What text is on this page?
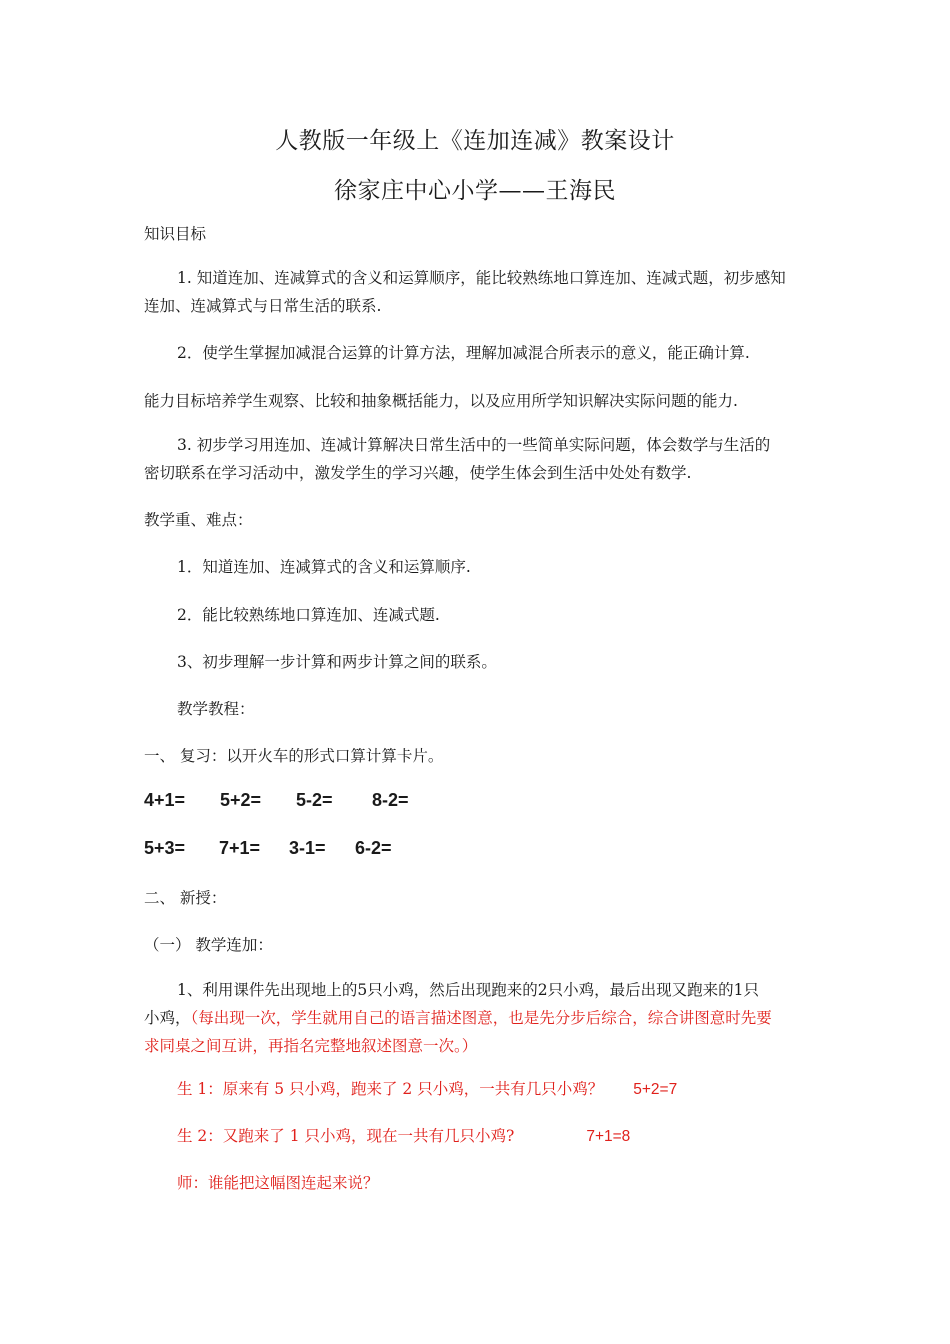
人教版一年级上《连加连减》教案设计
徐家庄中心小学——王海民
知识目标
1. 知道连加、连减算式的含义和运算顺序，能比较熟练地口算连加、连减式题，初步感知
连加、连减算式与日常生活的联系.
2．使学生掌握加减混合运算的计算方法，理解加减混合所表示的意义，能正确计算.
能力目标培养学生观察、比较和抽象概括能力，以及应用所学知识解决实际问题的能力.
3. 初步学习用连加、连减计算解决日常生活中的一些简单实际问题，体会数学与生活的
密切联系在学习活动中，激发学生的学习兴趣，使学生体会到生活中处处有数学.
教学重、难点：
1．知道连加、连减算式的含义和运算顺序.
2．能比较熟练地口算连加、连减式题.
3、初步理解一步计算和两步计算之间的联系。
教学教程：
一、 复习：以开火车的形式口算计算卡片。
4+1=	5+2=	5-2=	8-2=
5+3=	7+1=	3-1=	6-2=
二、 新授：
（一） 教学连加：
1、利用课件先出现地上的5只小鸡，然后出现跑来的2只小鸡，最后出现又跑来的1只
小鸡，（每出现一次，学生就用自己的语言描述图意，也是先分步后综合，综合讲图意时先要
求同桌之间互讲，再指名完整地叙述图意一次。）
生 1：原来有 5 只小鸡，跑来了 2 只小鸡，一共有几只小鸡？ 5+2=7
生 2：又跑来了 1 只小鸡，现在一共有几只小鸡?	7+1=8
师：谁能把这幅图连起来说？
